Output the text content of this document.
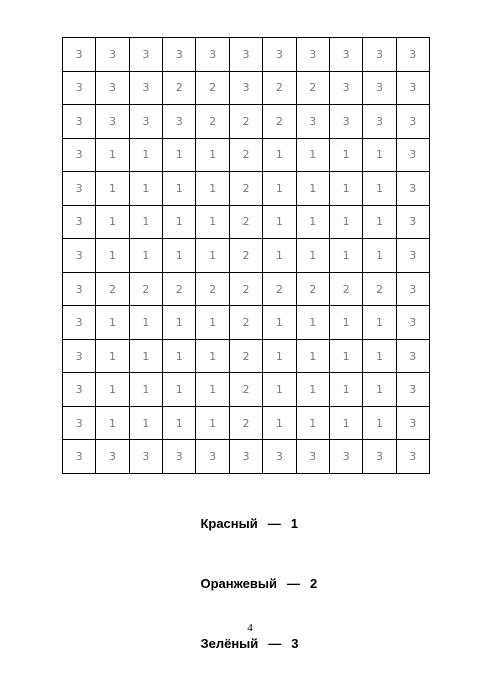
3	3	3	3	3	3	3	3	3	3	3
3	3	3	2	2	3	2	2	3	3	3
3	3	3	3	2	2	2	3	3	3	3
3	1	1	1	1	2	1	1	1	1	3
3	1	1	1	1	2	1	1	1	1	3
3	1	1	1	1	2	1	1	1	1	3
3	1	1	1	1	2	1	1	1	1	3
3	2	2	2	2	2	2	2	2	2	3
3	1	1	1	1	2	1	1	1	1	3
3	1	1	1	1	2	1	1	1	1	3
3	1	1	1	1	2	1	1	1	1	3
3	1	1	1	1	2	1	1	1	1	3
3	3	3	3	3	3	3	3	3	3	3

Красный — 1

Оранжевый — 2

Зелёный — 3

4
